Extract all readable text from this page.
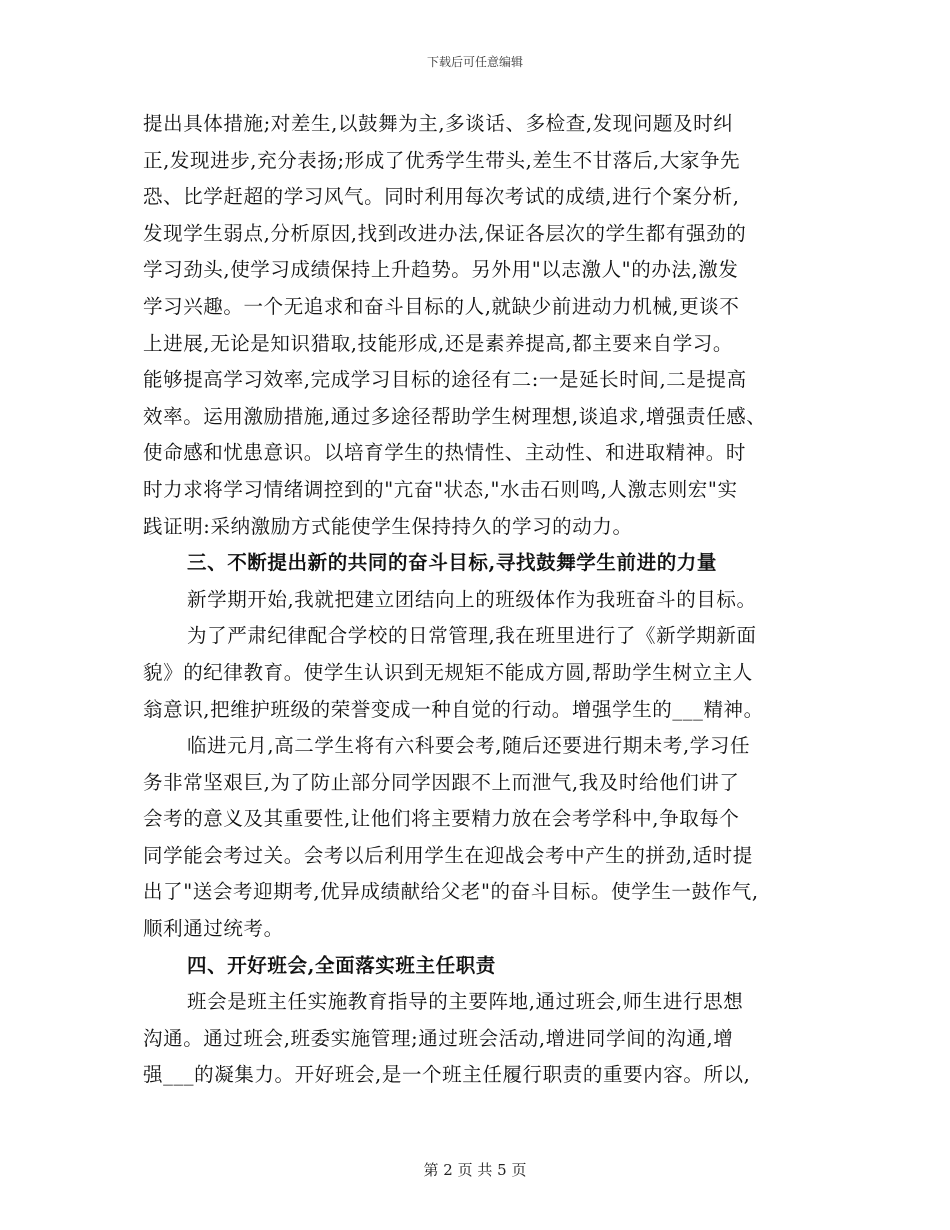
下载后可任意编辑
提出具体措施;对差生,以鼓舞为主,多谈话、多检查,发现问题及时纠
正,发现进步,充分表扬;形成了优秀学生带头,差生不甘落后,大家争先
恐、比学赶超的学习风气。同时利用每次考试的成绩,进行个案分析,
发现学生弱点,分析原因,找到改进办法,保证各层次的学生都有强劲的
学习劲头,使学习成绩保持上升趋势。另外用"以志激人"的办法,激发
学习兴趣。一个无追求和奋斗目标的人,就缺少前进动力机械,更谈不
上进展,无论是知识猎取,技能形成,还是素养提高,都主要来自学习。
能够提高学习效率,完成学习目标的途径有二:一是延长时间,二是提高
效率。运用激励措施,通过多途径帮助学生树理想,谈追求,增强责任感、
使命感和忧患意识。以培育学生的热情性、主动性、和进取精神。时
时力求将学习情绪调控到的"亢奋"状态,"水击石则鸣,人激志则宏"实
践证明:采纳激励方式能使学生保持持久的学习的动力。
三、不断提出新的共同的奋斗目标,寻找鼓舞学生前进的力量
新学期开始,我就把建立团结向上的班级体作为我班奋斗的目标。
为了严肃纪律配合学校的日常管理,我在班里进行了《新学期新面
貌》的纪律教育。使学生认识到无规矩不能成方圆,帮助学生树立主人
翁意识,把维护班级的荣誉变成一种自觉的行动。增强学生的___精神。
临进元月,高二学生将有六科要会考,随后还要进行期未考,学习任
务非常坚艰巨,为了防止部分同学因跟不上而泄气,我及时给他们讲了
会考的意义及其重要性,让他们将主要精力放在会考学科中,争取每个
同学能会考过关。会考以后利用学生在迎战会考中产生的拼劲,适时提
出了"送会考迎期考,优异成绩献给父老"的奋斗目标。使学生一鼓作气,
顺利通过统考。
四、开好班会,全面落实班主任职责
班会是班主任实施教育指导的主要阵地,通过班会,师生进行思想
沟通。通过班会,班委实施管理;通过班会活动,增进同学间的沟通,增
强___的凝集力。开好班会,是一个班主任履行职责的重要内容。所以,
第 2 页 共 5 页
